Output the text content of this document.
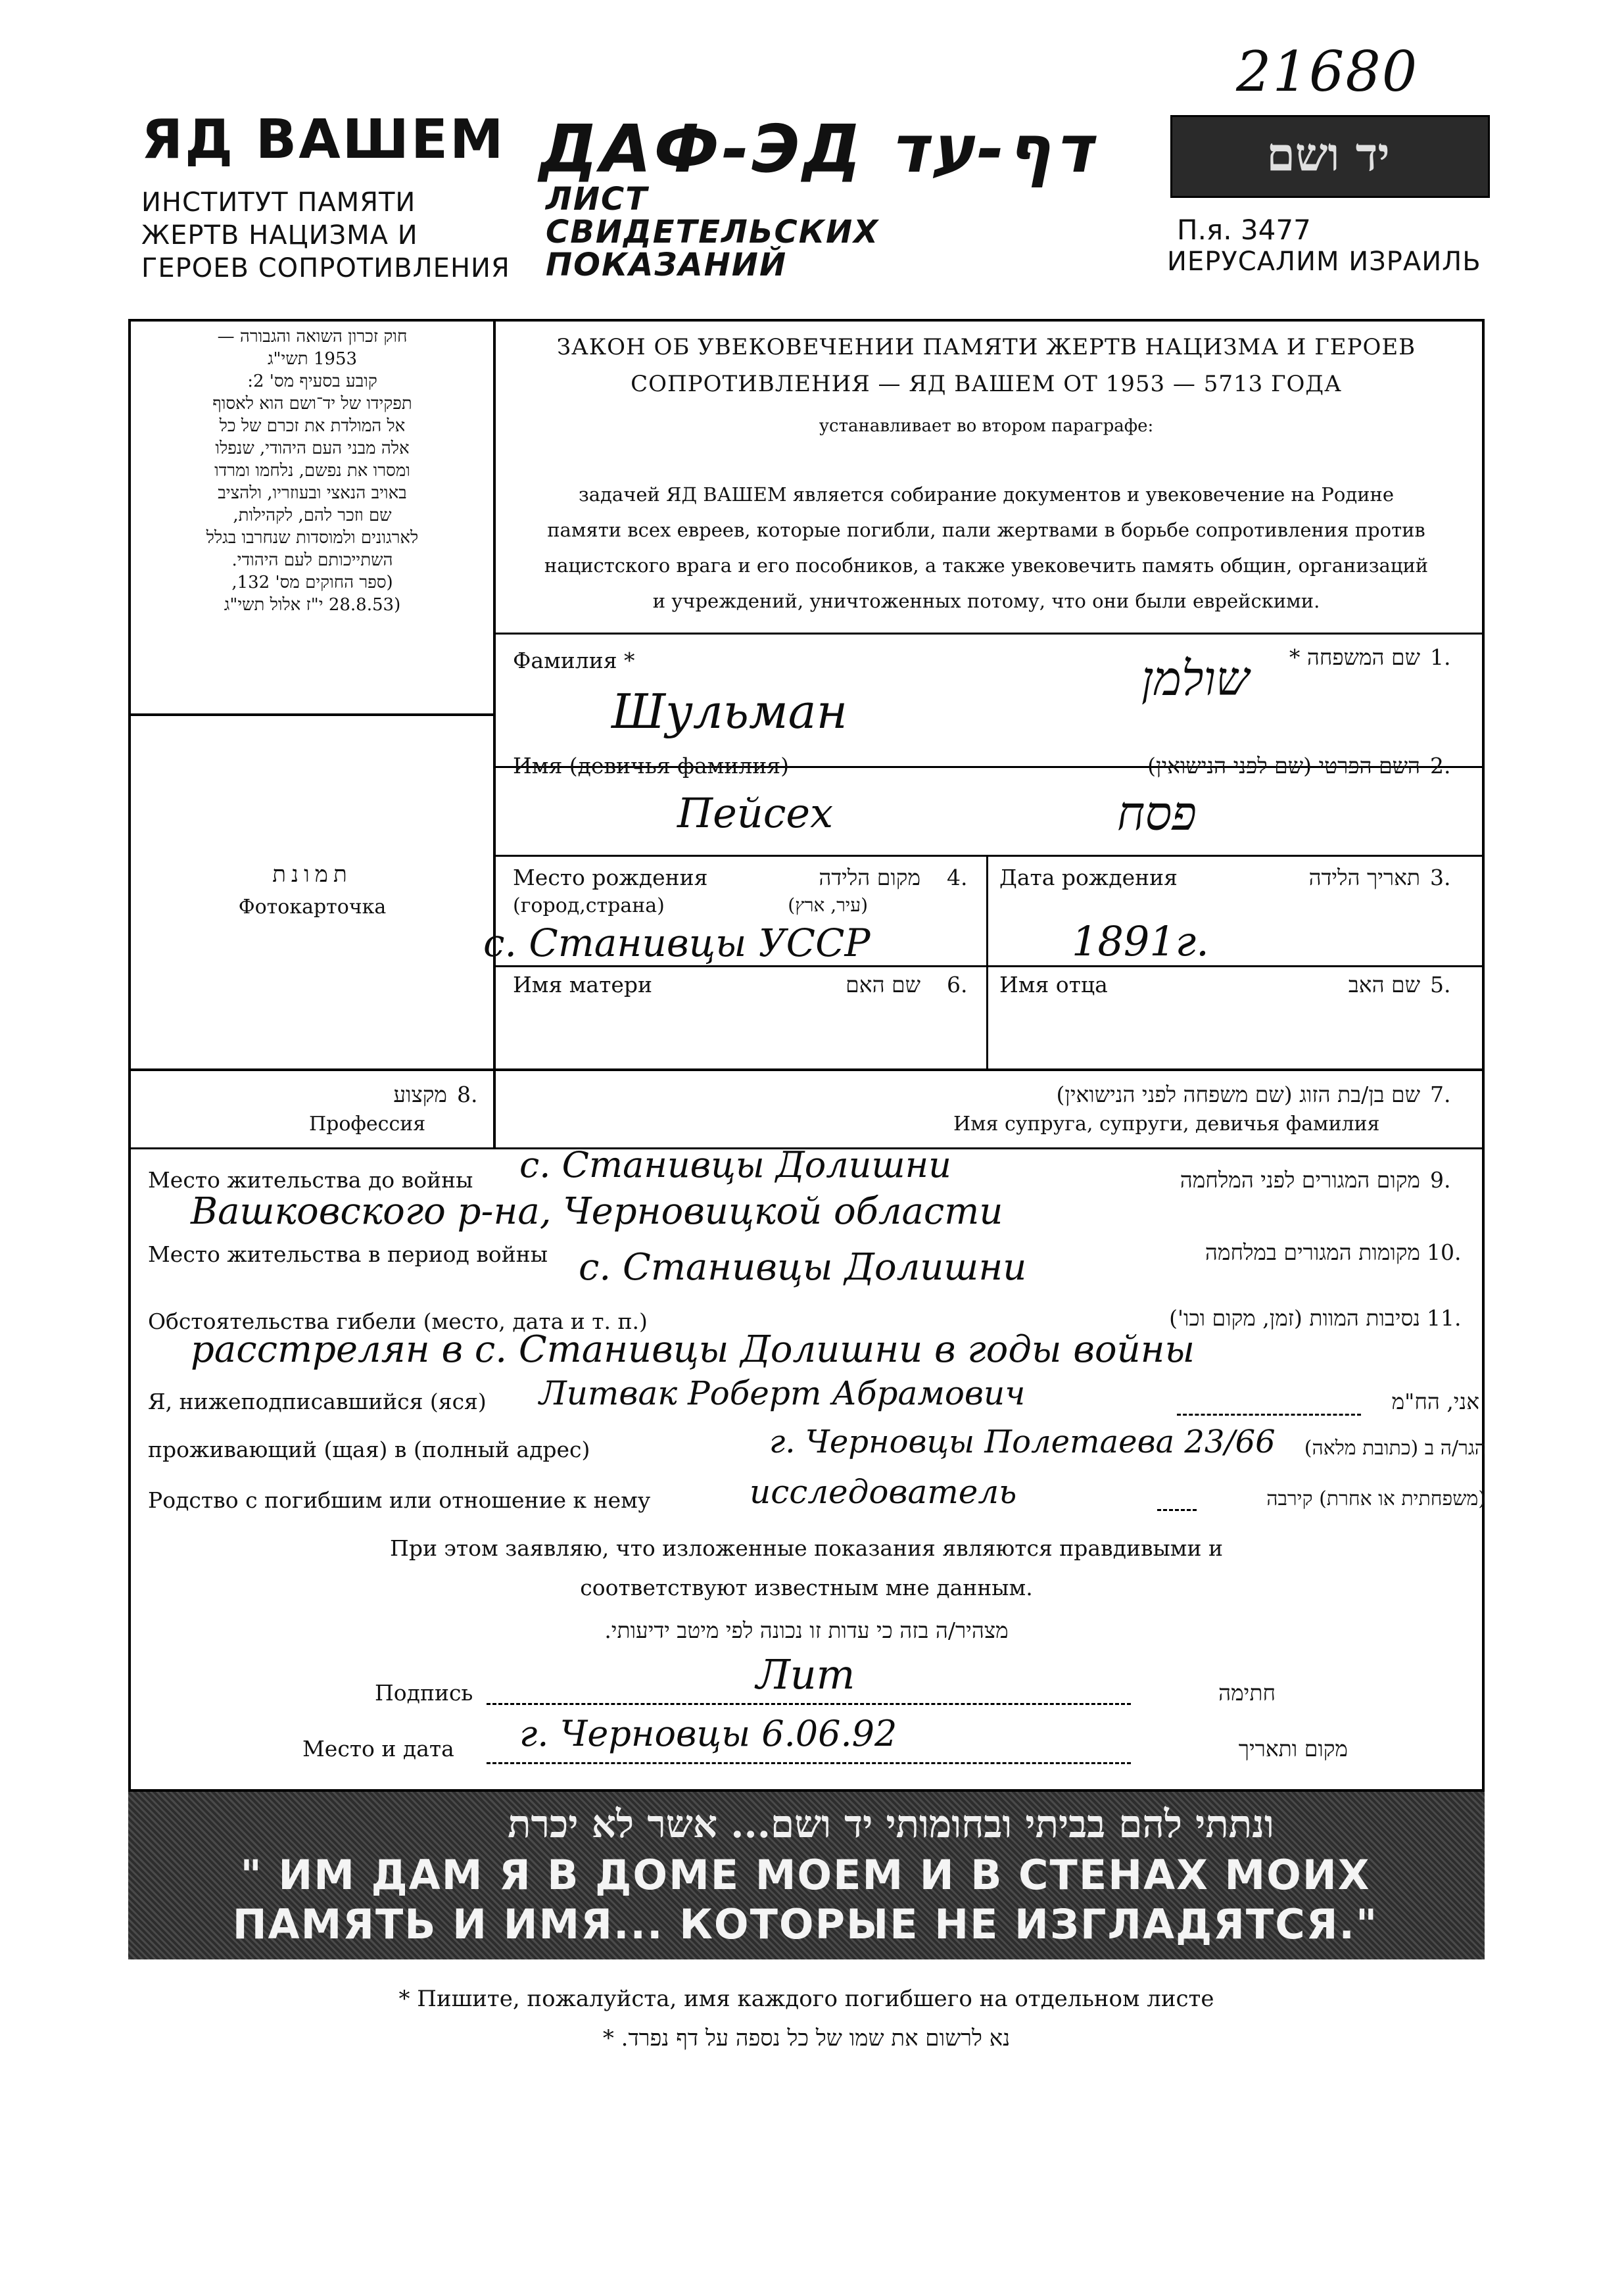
21680
ЯД ВАШЕМ
ИНСТИТУТ ПАМЯТИ
ЖЕРТВ НАЦИЗМА И
ГЕРОЕВ СОПРОТИВЛЕНИЯ
ДАФ-ЭД דף-עד
ЛИСТ
СВИДЕТЕЛЬСКИХ
ПОКАЗАНИЙ
יד ושם
П.я. 3477
ИЕРУСАЛИМ ИЗРАИЛЬ
חוק זכרון השואה והגבורה —
1953 תשי"ג
קובע בסעיף מס' 2:
תפקידו של יד־ושם הוא לאסוף
אל המולדת את זכרם של כל
אלה מבני העם היהודי, שנפלו
ומסרו את נפשם, נלחמו ומרדו
באויב הנאצי ובעוזריו, ולהציב
שם וזכר להם, לקהילות,
לארגונים ולמוסדות שנחרבו בגלל
השתייכותם לעם היהודי.
(ספר החוקים מס' 132,
(28.8.53 י"ז אלול תשי"ג
ЗАКОН ОБ УВЕКОВЕЧЕНИИ ПАМЯТИ ЖЕРТВ НАЦИЗМА И ГЕРОЕВ
СОПРОТИВЛЕНИЯ — ЯД ВАШЕМ ОТ 1953 — 5713 ГОДА
устанавливает во втором параграфе:
задачей ЯД ВАШЕМ является собирание документов и увековечение на Родине
памяти всех евреев, которые погибли, пали жертвами в борьбе сопротивления против
нацистского врага и его пособников, а также увековечить память общин, организаций
и учреждений, уничтоженных потому, что они были еврейскими.
תמונת
Фотокарточка
Фамилия *	שם המשפחה * 1.
Шульман
שולמן
Имя (девичья фамилия)	השם הפרטי (שם לפני הנישואין) 2.
Пейсех	פסח
Место рождения
(город,страна)
מקום הלידה
(עיר, ארץ)
4.
с. Станивцы УССР
Дата рождения	תאריך הלידה 3.
1891г.
Имя матери	שם האם 6. Имя отца	שם האב 5.
מקצוע 8.
Профессия
שם בן/בת הזוג (שם משפחה לפני הנישואין) 7.
Имя супруга, супруги, девичья фамилия
Место жительства до войны	מקום המגורים לפני המלחמה 9.
с. Станивцы Долишни
Вашковского р-на, Черновицкой области
Место жительства в период войны	מקומות המגורים במלחמה 10.
с. Станивцы Долишни
Обстоятельства гибели (место, дата и т. п.)	נסיבות המוות (זמן, מקום וכו') 11.
расстрелян в с. Станивцы Долишни в годы войны
Я, нижеподписавшийся (яся) Литвак Роберт Абрамович	אני, הח"מ
проживающий (щая) в (полный адрес)	г. Черновцы Полетаева 23/66	הגר/ה ב (כתובת מלאה)
Родство с погибшим или отношение к нему	исследователь	(משפחתית או אחרת) קירבה
При этом заявляю, что изложенные показания являются правдивыми и
соответствуют известным мне данным.
מצהיר/ה בזה כי עדות זו נכונה לפי מיטב ידיעותי.
Подпись	Лит	חתימה
Место и дата г. Черновцы 6.06.92	מקום ותאריך
ונתתי להם בביתי ובחומותי יד ושם... אשר לא יכרת
" ИМ ДАМ Я В ДОМЕ МОЕМ И В СТЕНАХ МОИХ
ПАМЯТЬ И ИМЯ... КОТОРЫЕ НЕ ИЗГЛАДЯТСЯ."
* Пишите, пожалуйста, имя каждого погибшего на отдельном листе
נא לרשום את שמו של כל נספה על דף נפרד. *
